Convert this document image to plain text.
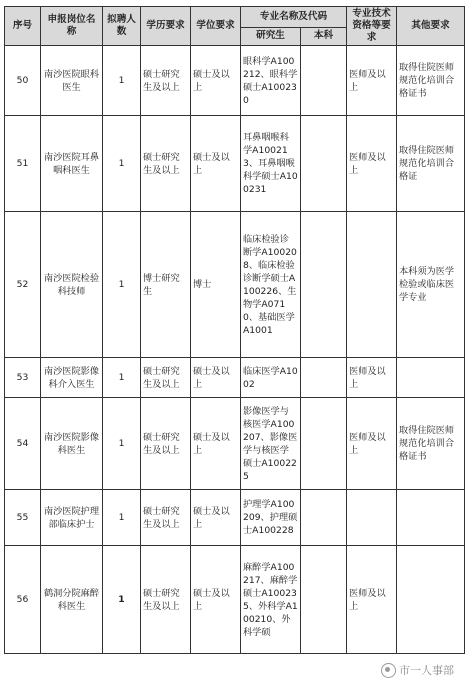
序号	申报岗位名称	拟聘人数	学历要求	学位要求	专业名称及代码		专业技术资格等要求	其他要求
					研究生	本科		
50	南沙医院眼科医生	1	硕士研究生及以上	硕士及以上	眼科学A100212、眼科学硕士A100230		医师及以上	取得住院医师规范化培训合格证书
51	南沙医院耳鼻咽科医生	1	硕士研究生及以上	硕士及以上	耳鼻咽喉科学A100213、耳鼻咽喉科学硕士A100231		医师及以上	取得住院医师规范化培训合格证
52	南沙医院检验科技师	1	博士研究生	博士	临床检验诊断学A100208、临床检验诊断学硕士A100226、生物学A0710、基础医学A1001			本科须为医学检验或临床医学专业
53	南沙医院影像科介入医生	1	硕士研究生及以上	硕士及以上	临床医学A1002		医师及以上	
54	南沙医院影像科医生	1	硕士研究生及以上	硕士及以上	影像医学与核医学A100207、影像医学与核医学硕士A100225		医师及以上	取得住院医师规范化培训合格证书
55	南沙医院护理部临床护士	1	硕士研究生及以上	硕士及以上	护理学A100209、护理硕士A100228			
56	鹤洞分院麻醉科医生	1	硕士研究生及以上	硕士及以上	麻醉学A100217、麻醉学硕士A100235、外科学A100210、外科学硕		医师及以上	
市一人事部
